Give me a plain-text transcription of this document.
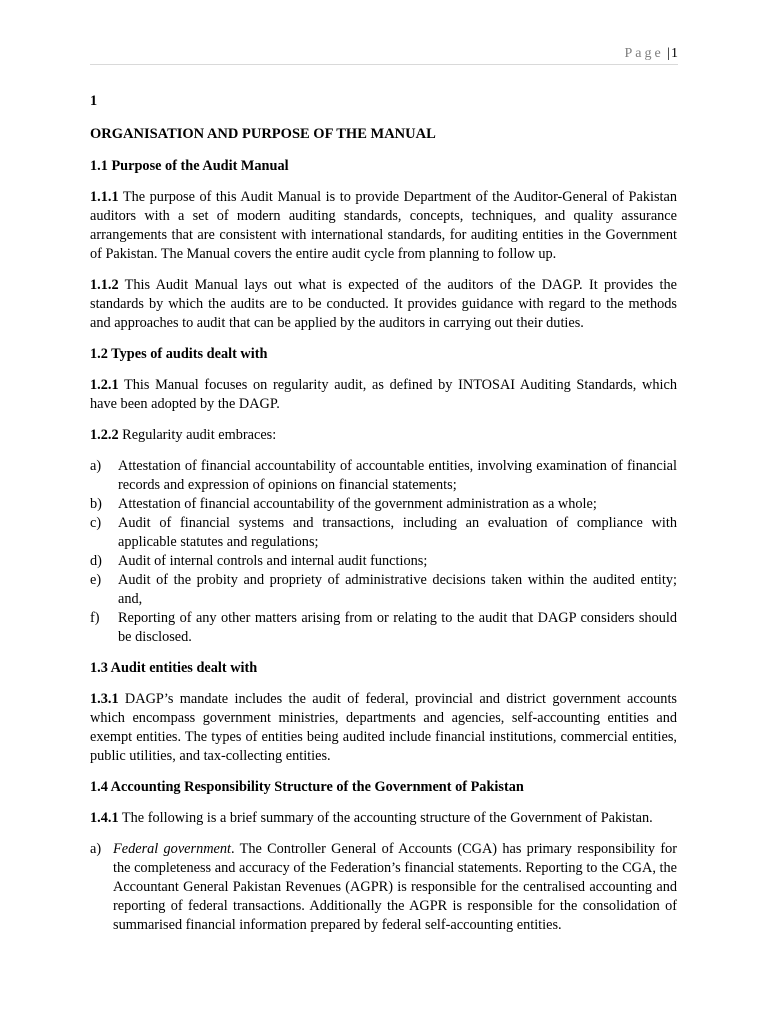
Page |1
1
ORGANISATION AND PURPOSE OF THE MANUAL
1.1 Purpose of the Audit Manual

1.1.1 The purpose of this Audit Manual is to provide Department of the Auditor-General of Pakistan auditors with a set of modern auditing standards, concepts, techniques, and quality assurance arrangements that are consistent with international standards, for auditing entities in the Government of Pakistan. The Manual covers the entire audit cycle from planning to follow up.

1.1.2 This Audit Manual lays out what is expected of the auditors of the DAGP. It provides the standards by which the audits are to be conducted. It provides guidance with regard to the methods and approaches to audit that can be applied by the auditors in carrying out their duties.

1.2 Types of audits dealt with

1.2.1 This Manual focuses on regularity audit, as defined by INTOSAI Auditing Standards, which have been adopted by the DAGP.

1.2.2 Regularity audit embraces:

a) Attestation of financial accountability of accountable entities, involving examination of financial records and expression of opinions on financial statements;
b) Attestation of financial accountability of the government administration as a whole;
c) Audit of financial systems and transactions, including an evaluation of compliance with applicable statutes and regulations;
d) Audit of internal controls and internal audit functions;
e) Audit of the probity and propriety of administrative decisions taken within the audited entity; and,
f) Reporting of any other matters arising from or relating to the audit that DAGP considers should be disclosed.
1.3 Audit entities dealt with

1.3.1 DAGP’s mandate includes the audit of federal, provincial and district government accounts which encompass government ministries, departments and agencies, self-accounting entities and exempt entities. The types of entities being audited include financial institutions, commercial entities, public utilities, and tax-collecting entities.

1.4 Accounting Responsibility Structure of the Government of Pakistan

1.4.1 The following is a brief summary of the accounting structure of the Government of Pakistan.

a) Federal government. The Controller General of Accounts (CGA) has primary responsibility for the completeness and accuracy of the Federation’s financial statements. Reporting to the CGA, the Accountant General Pakistan Revenues (AGPR) is responsible for the centralised accounting and reporting of federal transactions. Additionally the AGPR is responsible for the consolidation of summarised financial information prepared by federal self-accounting entities.
